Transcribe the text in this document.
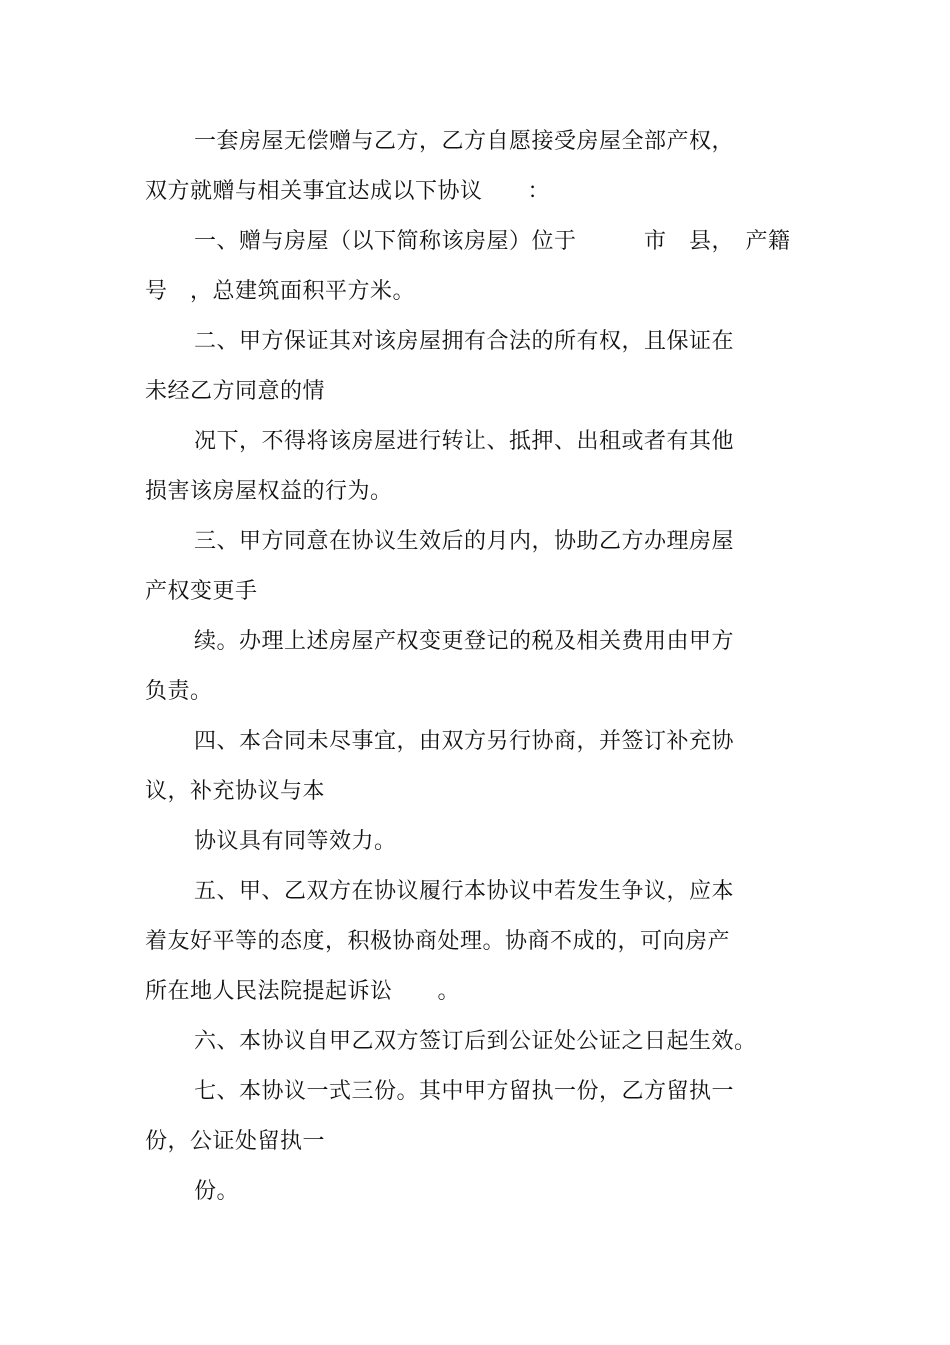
一套房屋无偿赠与乙方，乙方自愿接受房屋全部产权，
双方就赠与相关事宜达成以下协议　　：
一、赠与房屋（以下简称该房屋）位于　　　市　县，　产籍
号　，总建筑面积平方米。
二、甲方保证其对该房屋拥有合法的所有权，且保证在
未经乙方同意的情
况下，不得将该房屋进行转让、抵押、出租或者有其他
损害该房屋权益的行为。
三、甲方同意在协议生效后的月内，协助乙方办理房屋
产权变更手
续。办理上述房屋产权变更登记的税及相关费用由甲方
负责。
四、本合同未尽事宜，由双方另行协商，并签订补充协
议，补充协议与本
协议具有同等效力。
五、甲、乙双方在协议履行本协议中若发生争议，应本
着友好平等的态度，积极协商处理。协商不成的，可向房产
所在地人民法院提起诉讼　　。
六、本协议自甲乙双方签订后到公证处公证之日起生效。
七、本协议一式三份。其中甲方留执一份，乙方留执一
份，公证处留执一
份。
